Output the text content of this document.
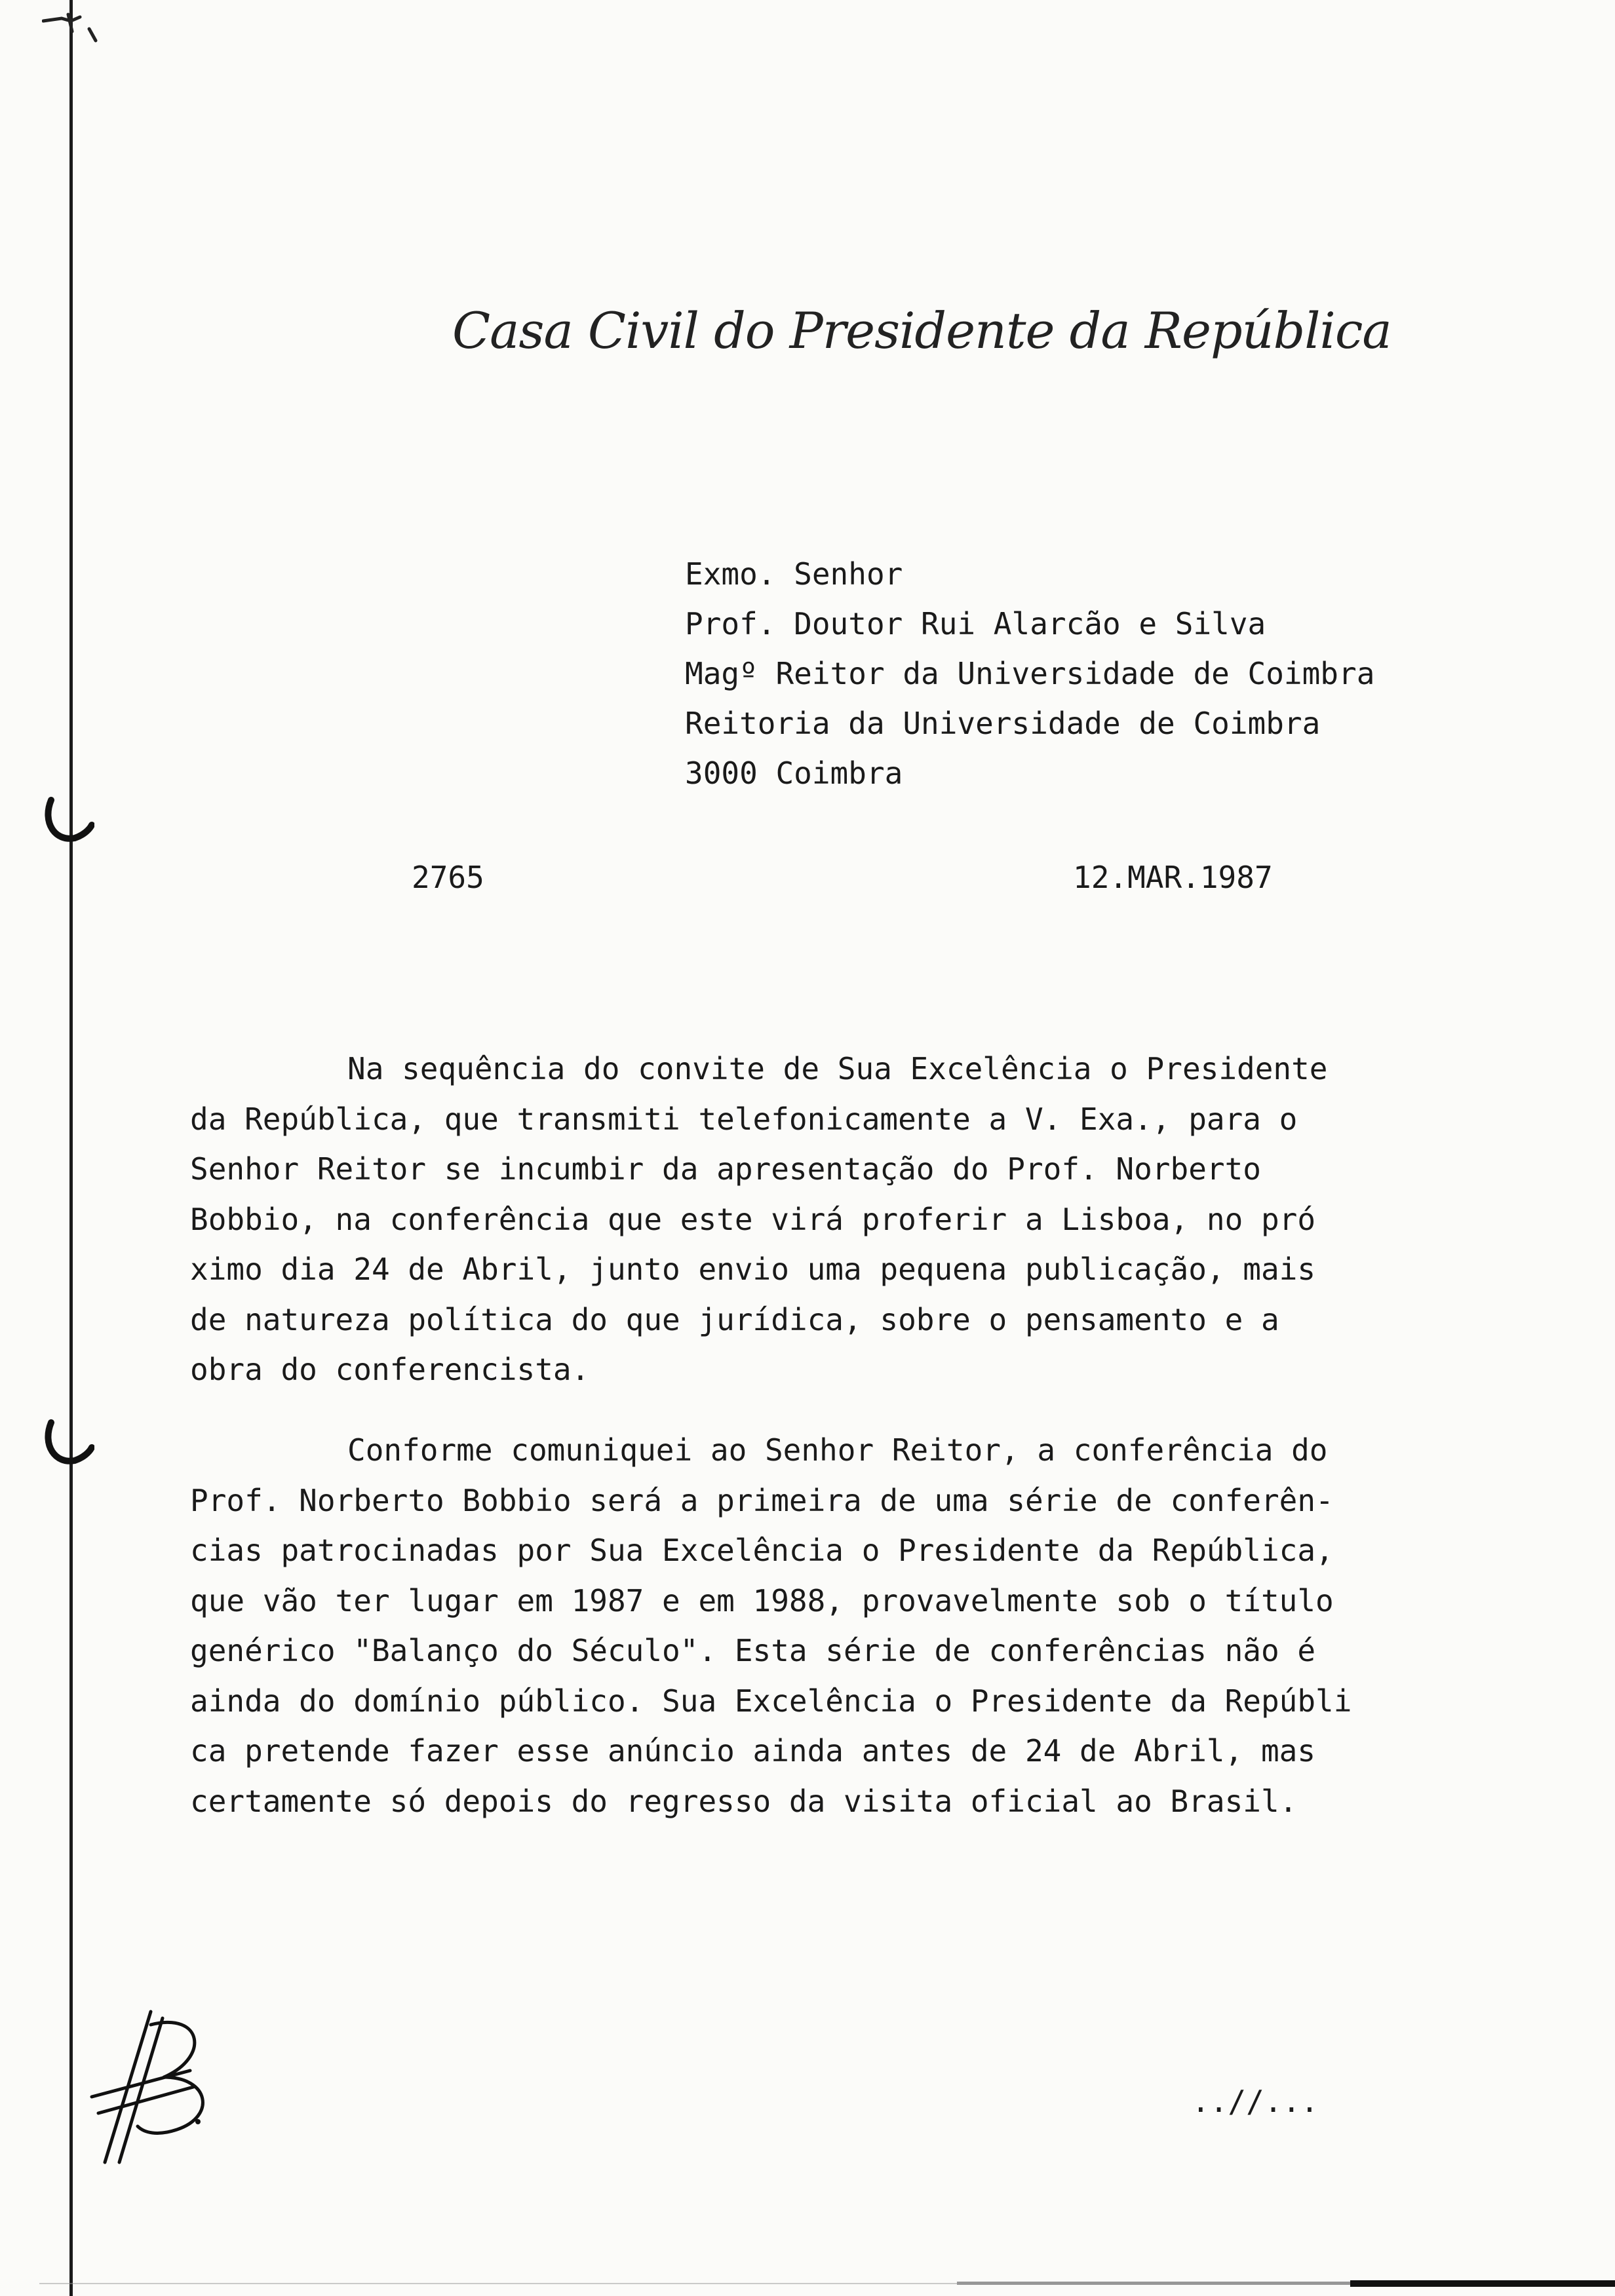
Casa Civil do Presidente da República
Exmo. Senhor
Prof. Doutor Rui Alarcão e Silva
Magº Reitor da Universidade de Coimbra
Reitoria da Universidade de Coimbra
3000 Coimbra
2765	12.MAR.1987
Na sequência do convite de Sua Excelência o Presidente
da República, que transmiti telefonicamente a V. Exa., para o
Senhor Reitor se incumbir da apresentação do Prof. Norberto
Bobbio, na conferência que este virá proferir a Lisboa, no pró
ximo dia 24 de Abril, junto envio uma pequena publicação, mais
de natureza política do que jurídica, sobre o pensamento e a
obra do conferencista.
Conforme comuniquei ao Senhor Reitor, a conferência do
Prof. Norberto Bobbio será a primeira de uma série de conferên-
cias patrocinadas por Sua Excelência o Presidente da República,
que vão ter lugar em 1987 e em 1988, provavelmente sob o título
genérico "Balanço do Século". Esta série de conferências não é
ainda do domínio público. Sua Excelência o Presidente da Repúbli
ca pretende fazer esse anúncio ainda antes de 24 de Abril, mas
certamente só depois do regresso da visita oficial ao Brasil.
..//...
